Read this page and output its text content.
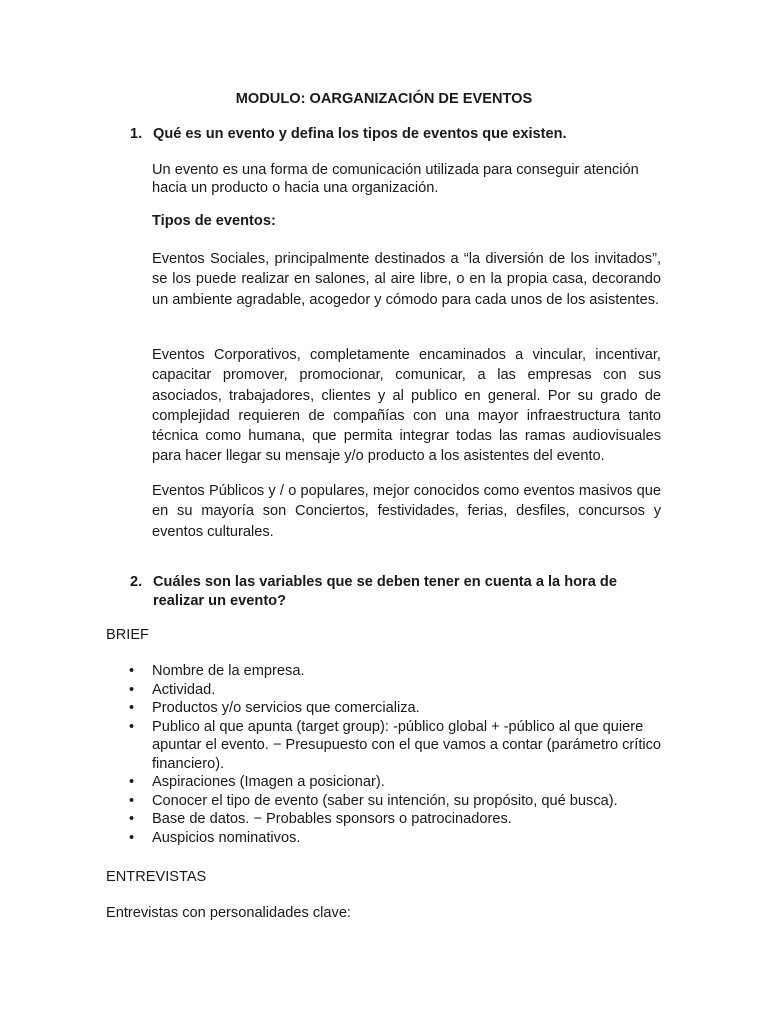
MODULO: OARGANIZACIÓN DE EVENTOS
1. Qué es un evento y defina los tipos de eventos que existen.

Un evento es una forma de comunicación utilizada para conseguir atención hacia un producto o hacia una organización.

Tipos de eventos:

Eventos Sociales, principalmente destinados a “la diversión de los invitados”, se los puede realizar en salones, al aire libre, o en la propia casa, decorando un ambiente agradable, acogedor y cómodo para cada unos de los asistentes.

Eventos Corporativos, completamente encaminados a vincular, incentivar, capacitar promover, promocionar, comunicar, a las empresas con sus asociados, trabajadores, clientes y al publico en general. Por su grado de complejidad requieren de compañías con una mayor infraestructura tanto técnica como humana, que permita integrar todas las ramas audiovisuales para hacer llegar su mensaje y/o producto a los asistentes del evento.

Eventos Públicos y / o populares, mejor conocidos como eventos masivos que en su mayoría son Conciertos, festividades, ferias, desfiles, concursos y eventos culturales.

2. Cuáles son las variables que se deben tener en cuenta a la hora de realizar un evento?

BRIEF

• Nombre de la empresa.
• Actividad.
• Productos y/o servicios que comercializa.
• Publico al que apunta (target group): -público global + -público al que quiere apuntar el evento. − Presupuesto con el que vamos a contar (parámetro crítico financiero).
• Aspiraciones (Imagen a posicionar).
• Conocer el tipo de evento (saber su intención, su propósito, qué busca).
• Base de datos. − Probables sponsors o patrocinadores.
• Auspicios nominativos.

ENTREVISTAS

Entrevistas con personalidades clave:
